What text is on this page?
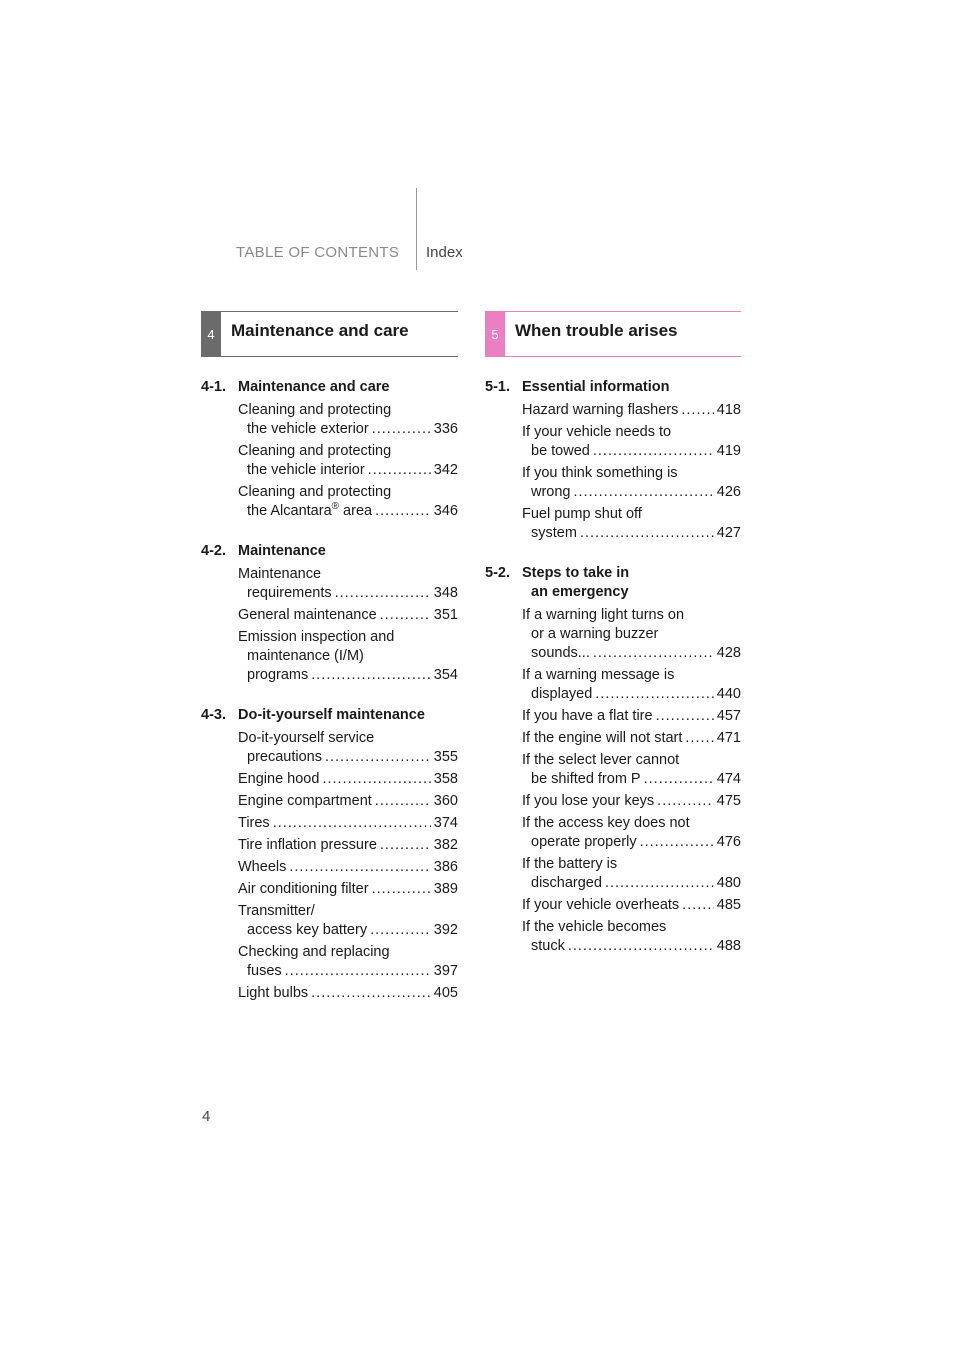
TABLE OF CONTENTS Index
4 Maintenance and care	5 When trouble arises
4-1. Maintenance and care
Cleaning and protecting
the vehicle exterior .....	336
Cleaning and protecting
the vehicle interior .....	342
Cleaning and protecting
the Alcantara® area .....	346
4-2. Maintenance
Maintenance
requirements .....	348
General maintenance .....	351
Emission inspection and
maintenance (I/M)
programs .....	354
4-3. Do-it-yourself maintenance
Do-it-yourself service
precautions .....	355
Engine hood .....	358
Engine compartment .....	360
Tires .....	374
Tire inflation pressure .....	382
Wheels .....	386
Air conditioning filter .....	389
Transmitter/
access key battery .....	392
Checking and replacing
fuses .....	397
Light bulbs .....	405
5-1. Essential information
Hazard warning flashers .....	418
If your vehicle needs to
be towed .....	419
If you think something is
wrong .....	426
Fuel pump shut off
system .....	427
5-2. Steps to take in
an emergency
If a warning light turns on
or a warning buzzer
sounds... .....	428
If a warning message is
displayed .....	440
If you have a flat tire .....	457
If the engine will not start ..... 471
If the select lever cannot
be shifted from P .....	474
If you lose your keys .....	475
If the access key does not
operate properly .....	476
If the battery is
discharged .....	480
If your vehicle overheats .....	485
If the vehicle becomes
stuck .....	488
4
